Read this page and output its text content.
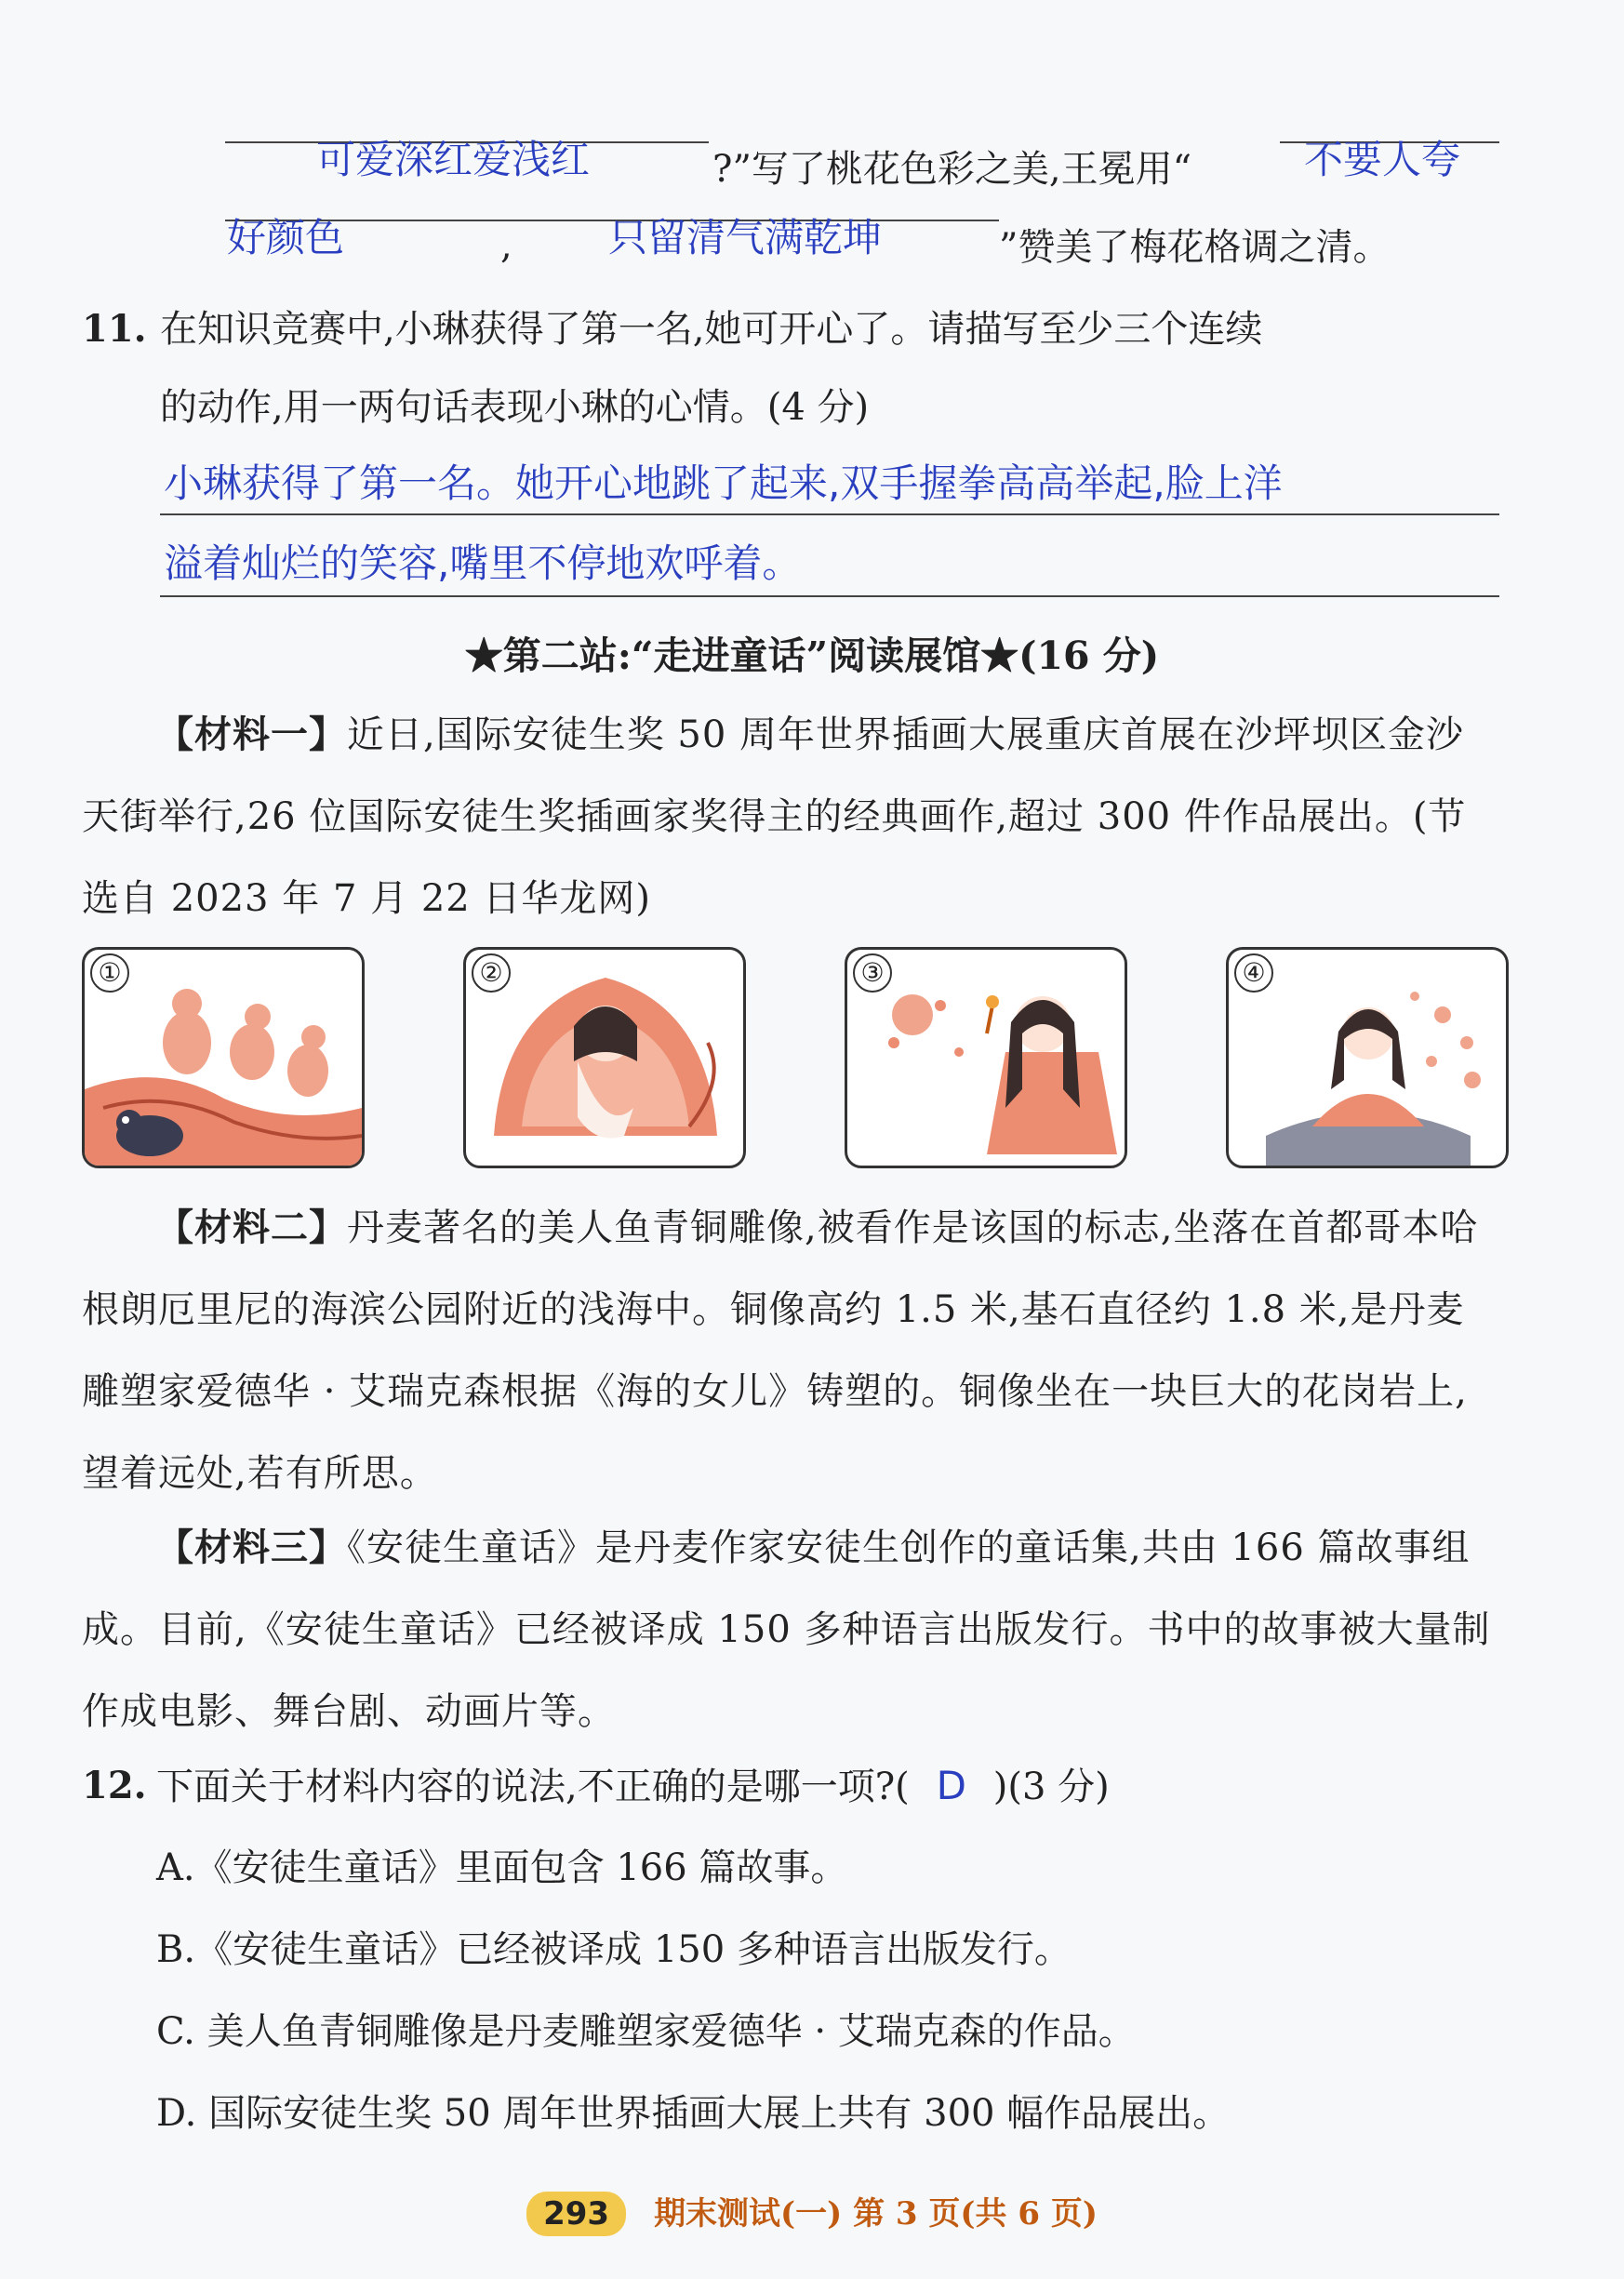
可爱深红爱浅红	?”写了桃花色彩之美,王冕用“	不要人夸
好颜色	, 只留清气满乾坤	”赞美了梅花格调之清。
11. 在知识竞赛中,小琳获得了第一名,她可开心了。请描写至少三个连续
的动作,用一两句话表现小琳的心情。(4 分)
小琳获得了第一名。她开心地跳了起来,双手握拳高高举起,脸上洋
溢着灿烂的笑容,嘴里不停地欢呼着。
★第二站:“走进童话”阅读展馆★(16 分)
【材料一】近日,国际安徒生奖 50 周年世界插画大展重庆首展在沙坪坝区金沙天街举行,26 位国际安徒生奖插画家奖得主的经典画作,超过 300 件作品展出。(节选自 2023 年 7 月 22 日华龙网)
①	②	③	④
【材料二】丹麦著名的美人鱼青铜雕像,被看作是该国的标志,坐落在首都哥本哈根朗厄里尼的海滨公园附近的浅海中。铜像高约 1.5 米,基石直径约 1.8 米,是丹麦雕塑家爱德华 · 艾瑞克森根据《海的女儿》铸塑的。铜像坐在一块巨大的花岗岩上,望着远处,若有所思。
【材料三】《安徒生童话》是丹麦作家安徒生创作的童话集,共由 166 篇故事组成。目前,《安徒生童话》已经被译成 150 多种语言出版发行。书中的故事被大量制作成电影、舞台剧、动画片等。
12. 下面关于材料内容的说法,不正确的是哪一项?( D )(3 分)
A.《安徒生童话》里面包含 166 篇故事。
B.《安徒生童话》已经被译成 150 多种语言出版发行。
C. 美人鱼青铜雕像是丹麦雕塑家爱德华 · 艾瑞克森的作品。
D. 国际安徒生奖 50 周年世界插画大展上共有 300 幅作品展出。
293 期末测试(一) 第 3 页(共 6 页)
